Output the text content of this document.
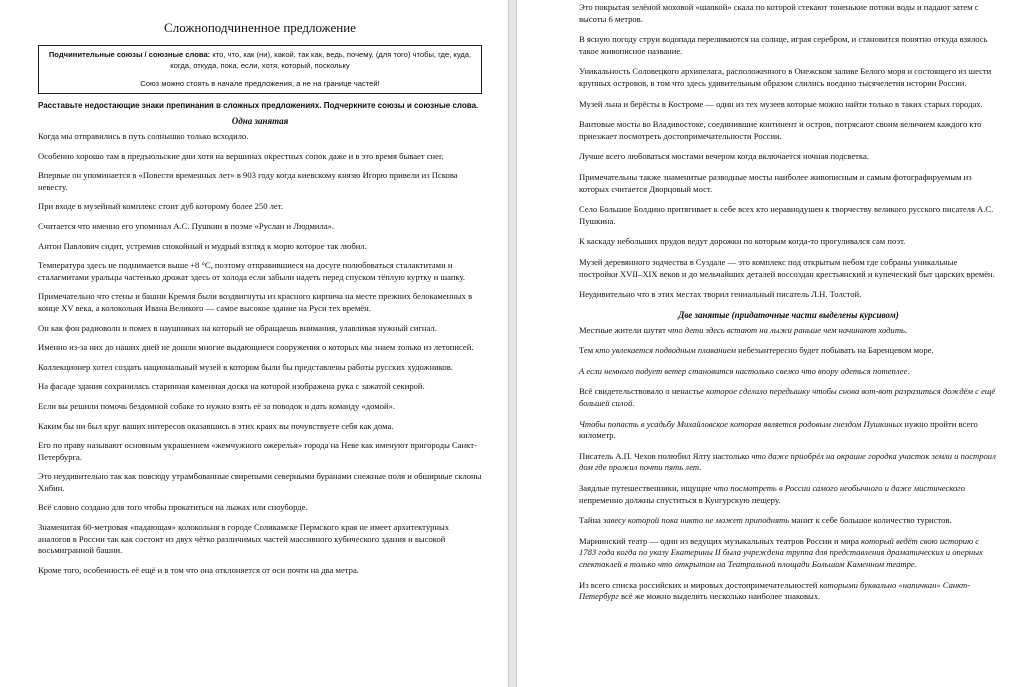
Сложноподчиненное предложение
Подчинительные союзы / союзные слова: кто, что, как (ни), какой, так как, ведь, почему, (для того) чтобы, где, куда, когда, откуда, пока, если, хотя, который, поскольку
Союз можно стоять в начале предложения, а не на границе частей!
Расставьте недостающие знаки препинания в сложных предложениях. Подчеркните союзы и союзные слова.
Одна занятая

Когда мы отправились в путь солнышко только всходило.

Особенно хорошо там в предъюльские дни хотя на вершинах окрестных сопок даже и в это время бывает снег.

Впервые он упоминается в «Повести временных лет» в 903 году когда киевскому князю Игорю привели из Пскова невесту.

При входе в музейный комплекс стоит дуб которому более 250 лет.

Считается что именно его упоминал А.С. Пушкин в поэме «Руслан и Людмила».

Антон Павлович сидит, устремив спокойный и мудрый взгляд к морю которое так любил.

Температура здесь не поднимается выше +8 °С, поэтому отправившиеся на досуге полюбоваться сталактитами и сталагмитами уральцы частенько дрожат здесь от холода если забыли надеть перед спуском тёплую куртку и шапку.

Примечательно что стены и башни Кремля были воздвигнуты из красного кирпича на месте прежних белокаменных в конце XV века, а колокольня Ивана Великого — самое высокое здание на Руси тех времён.

Он как фон радиоволн и помех в наушниках на который не обращаешь внимания, улавливая нужный сигнал.

Именно из-за них до наших дней не дошли многие выдающиеся сооружения о которых мы знаем только из летописей.

Коллекционер хотел создать национальный музей в котором были бы представлены работы русских художников.

На фасаде здания сохранилась старинная каменная доска на которой изображена рука с зажатой секирой.

Если вы решили помочь бездомной собаке то нужно взять её за поводок и дать команду «домой».

Каким бы ни был круг ваших интересов оказавшись в этих краях вы почувствуете себя как дома.

Его по праву называют основным украшением «жемчужного ожерелья» города на Неве как именуют пригороды Санкт-Петербурга.

Это неудивительно так как повсюду утрамбованные свирепыми северными буранами снежные поля и обширные склоны Хибин.

Всё словно создано для того чтобы прокатиться на лыжах или сноуборде.

Знаменитая 60-метровая «падающая» колокольня в городе Соликамске Пермского края не имеет архитектурных аналогов в России так как состоит из двух чётко различимых частей массивного кубического здания и высокой восьмигранной башни.

Кроме того, особенность её ещё и в том что она отклоняется от оси почти на два метра.

Это покрытая зелёной моховой «шапкой» скала по которой стекают тоненькие потоки воды и падают затем с высоты 6 метров.

В ясную погоду струи водопада переливаются на солнце, играя серебром, и становится понятно откуда взялось такое живописное название.

Уникальность Соловецкого архипелага, расположенного в Онежском заливе Белого моря и состоящего из шести крупных островов, в том что здесь удивительным образом слились воедино тысячелетия истории России.

Музей льна и берёсты в Костроме — один из тех музеев которые можно найти только в таких старых городах.

Вантовые мосты во Владивостоке, соединившие континент и остров, потрясают своим величием каждого кто приезжает посмотреть достопримечательности России.

Лучше всего любоваться мостами вечером когда включается ночная подсветка.

Примечательны также знаменитые разводные мосты наиболее живописным и самым фотографируемым из которых считается Дворцовый мост.

Село Большое Болдино притягивает к себе всех кто неравнодушен к творчеству великого русского писателя А.С. Пушкина.

К каскаду небольших прудов ведут дорожки по которым когда-то прогуливался сам поэт.

Музей деревянного зодчества в Суздале — это комплекс под открытым небом где собраны уникальные постройки XVII–XIX веков и до мельчайших деталей воссоздан крестьянский и купеческий быт царских времён.

Неудивительно что в этих местах творил гениальный писатель Л.Н. Толстой.

Две занятые (придаточные части выделены курсивом)

Местные жители шутят что дети здесь встают на лыжи раньше чем начинают ходить.

Тем кто увлекается подводным плаванием небезынтересно будет побывать на Баренцевом море.

А если немного подует ветер становится настолько свежо что впору одеться потеплее.

Всё свидетельствовало о ненастье которое сделало передышку чтобы снова вот-вот разразиться дождём с ещё большей силой.

Чтобы попасть в усадьбу Михайловское которая является родовым гнездом Пушкиных нужно пройти всего километр.

Писатель А.П. Чехов полюбил Ялту настолько что даже приобрёл на окраине городка участок земли и построил дом где прожил почти пять лет.

Заядлые путешественники, ищущие что посмотреть в России самого необычного и даже мистического непременно должны спуститься в Кунгурскую пещеру.

Тайна завесу которой пока никто не может приподнять манит к себе большое количество туристов.

Мариинский театр — один из ведущих музыкальных театров России и мира который ведёт свою историю с 1783 года когда по указу Екатерины II была учреждена труппа для представления драматических и оперных спектаклей в только что открытом на Театральной площади Большом Каменном театре.

Из всего списка российских и мировых достопримечательностей которыми буквально «напичкан» Санкт-Петербург всё же можно выделить несколько наиболее знаковых.
